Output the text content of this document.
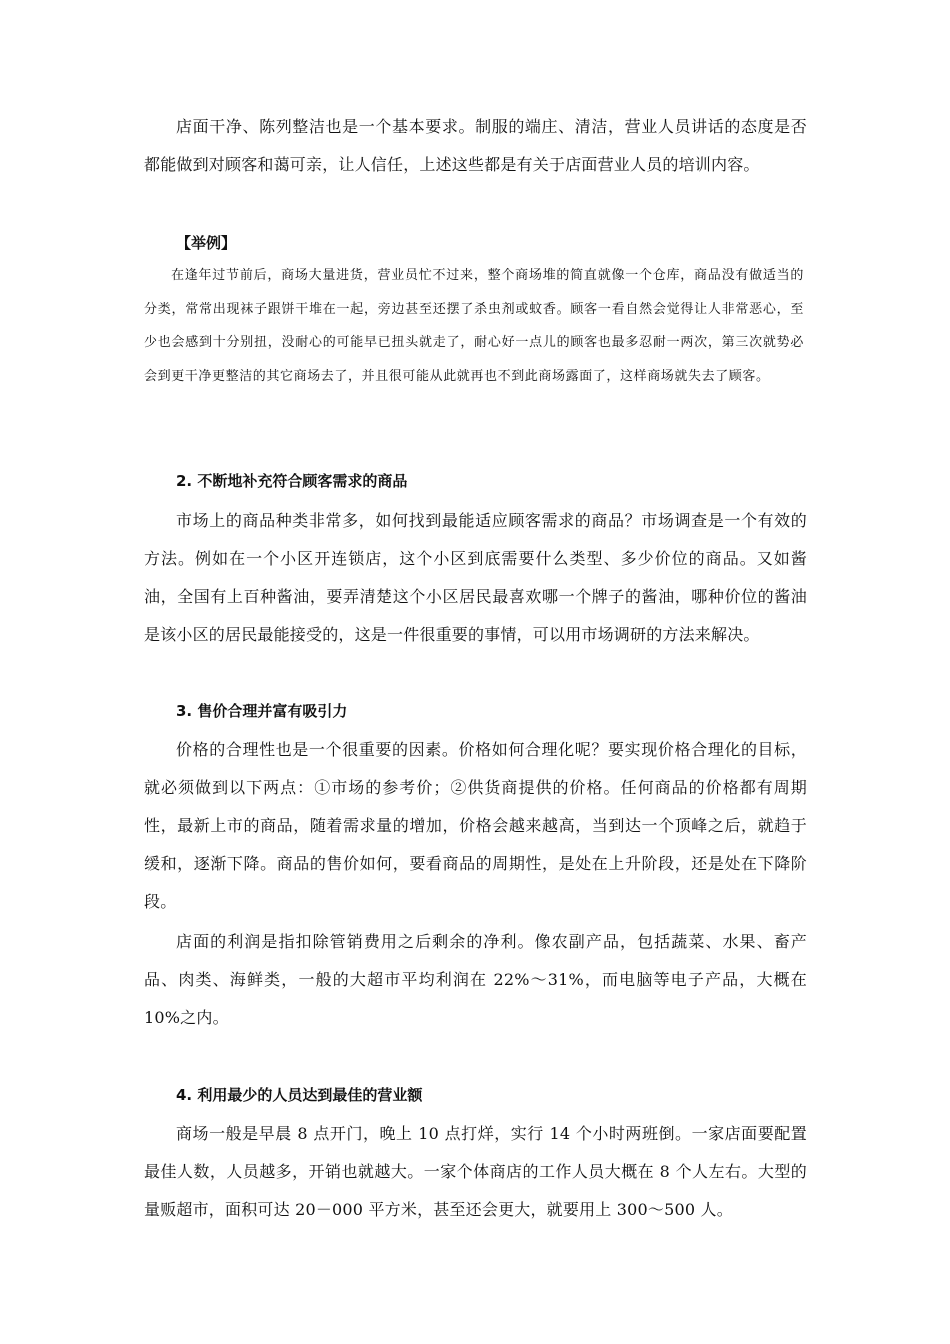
店面干净、陈列整洁也是一个基本要求。制服的端庄、清洁，营业人员讲话的态度是否都能做到对顾客和蔼可亲，让人信任，上述这些都是有关于店面营业人员的培训内容。

【举例】

在逢年过节前后，商场大量进货，营业员忙不过来，整个商场堆的简直就像一个仓库，商品没有做适当的分类，常常出现袜子跟饼干堆在一起，旁边甚至还摆了杀虫剂或蚊香。顾客一看自然会觉得让人非常恶心，至少也会感到十分别扭，没耐心的可能早已扭头就走了，耐心好一点儿的顾客也最多忍耐一两次，第三次就势必会到更干净更整洁的其它商场去了，并且很可能从此就再也不到此商场露面了，这样商场就失去了顾客。

2. 不断地补充符合顾客需求的商品

市场上的商品种类非常多，如何找到最能适应顾客需求的商品？市场调查是一个有效的方法。例如在一个小区开连锁店，这个小区到底需要什么类型、多少价位的商品。又如酱油，全国有上百种酱油，要弄清楚这个小区居民最喜欢哪一个牌子的酱油，哪种价位的酱油是该小区的居民最能接受的，这是一件很重要的事情，可以用市场调研的方法来解决。

3. 售价合理并富有吸引力

价格的合理性也是一个很重要的因素。价格如何合理化呢？要实现价格合理化的目标，就必须做到以下两点：①市场的参考价；②供货商提供的价格。任何商品的价格都有周期性，最新上市的商品，随着需求量的增加，价格会越来越高，当到达一个顶峰之后，就趋于缓和，逐渐下降。商品的售价如何，要看商品的周期性，是处在上升阶段，还是处在下降阶段。

店面的利润是指扣除管销费用之后剩余的净利。像农副产品，包括蔬菜、水果、畜产品、肉类、海鲜类，一般的大超市平均利润在 22%～31%，而电脑等电子产品，大概在 10%之内。

4. 利用最少的人员达到最佳的营业额

商场一般是早晨 8 点开门，晚上 10 点打烊，实行 14 个小时两班倒。一家店面要配置最佳人数，人员越多，开销也就越大。一家个体商店的工作人员大概在 8 个人左右。大型的量贩超市，面积可达 20－000 平方米，甚至还会更大，就要用上 300～500 人。
